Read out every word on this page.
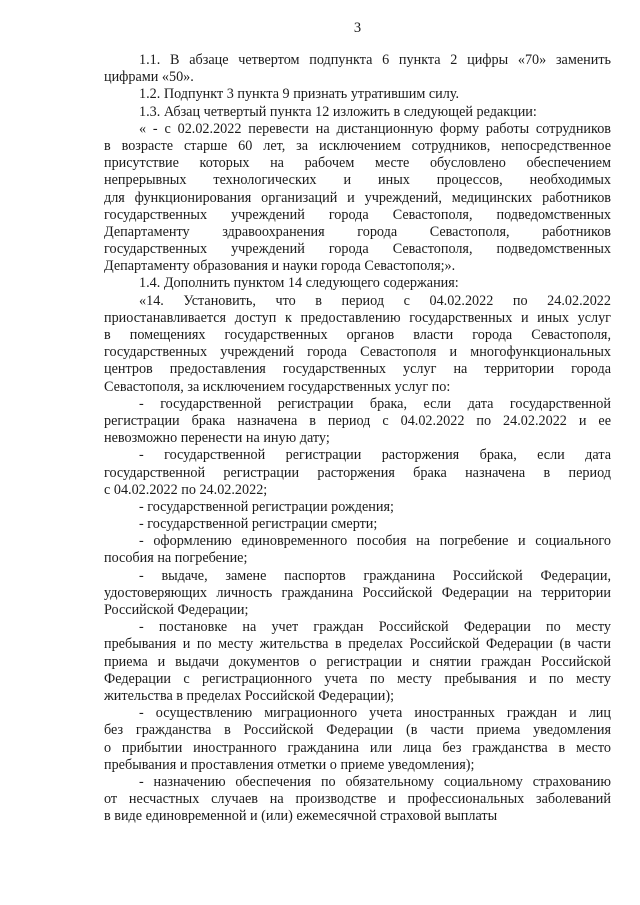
3
1.1. В абзаце четвертом подпункта 6 пункта 2 цифры «70» заменить
цифрами «50».
1.2. Подпункт 3 пункта 9 признать утратившим силу.
1.3. Абзац четвертый пункта 12 изложить в следующей редакции:
« - с 02.02.2022 перевести на дистанционную форму работы сотрудников
в возрасте старше 60 лет, за исключением сотрудников, непосредственное
присутствие которых на рабочем месте обусловлено обеспечением
непрерывных технологических и иных процессов, необходимых
для функционирования организаций и учреждений, медицинских работников
государственных учреждений города Севастополя, подведомственных
Департаменту здравоохранения города Севастополя, работников
государственных учреждений города Севастополя, подведомственных
Департаменту образования и науки города Севастополя;».
1.4. Дополнить пунктом 14 следующего содержания:
«14. Установить, что в период с 04.02.2022 по 24.02.2022
приостанавливается доступ к предоставлению государственных и иных услуг
в помещениях государственных органов власти города Севастополя,
государственных учреждений города Севастополя и многофункциональных
центров предоставления государственных услуг на территории города
Севастополя, за исключением государственных услуг по:
- государственной регистрации брака, если дата государственной
регистрации брака назначена в период с 04.02.2022 по 24.02.2022 и ее
невозможно перенести на иную дату;
- государственной регистрации расторжения брака, если дата
государственной регистрации расторжения брака назначена в период
с 04.02.2022 по 24.02.2022;
- государственной регистрации рождения;
- государственной регистрации смерти;
- оформлению единовременного пособия на погребение и социального
пособия на погребение;
- выдаче, замене паспортов гражданина Российской Федерации,
удостоверяющих личность гражданина Российской Федерации на территории
Российской Федерации;
- постановке на учет граждан Российской Федерации по месту
пребывания и по месту жительства в пределах Российской Федерации (в части
приема и выдачи документов о регистрации и снятии граждан Российской
Федерации с регистрационного учета по месту пребывания и по месту
жительства в пределах Российской Федерации);
- осуществлению миграционного учета иностранных граждан и лиц
без гражданства в Российской Федерации (в части приема уведомления
о прибытии иностранного гражданина или лица без гражданства в место
пребывания и проставления отметки о приеме уведомления);
- назначению обеспечения по обязательному социальному страхованию
от несчастных случаев на производстве и профессиональных заболеваний
в виде единовременной и (или) ежемесячной страховой выплаты
